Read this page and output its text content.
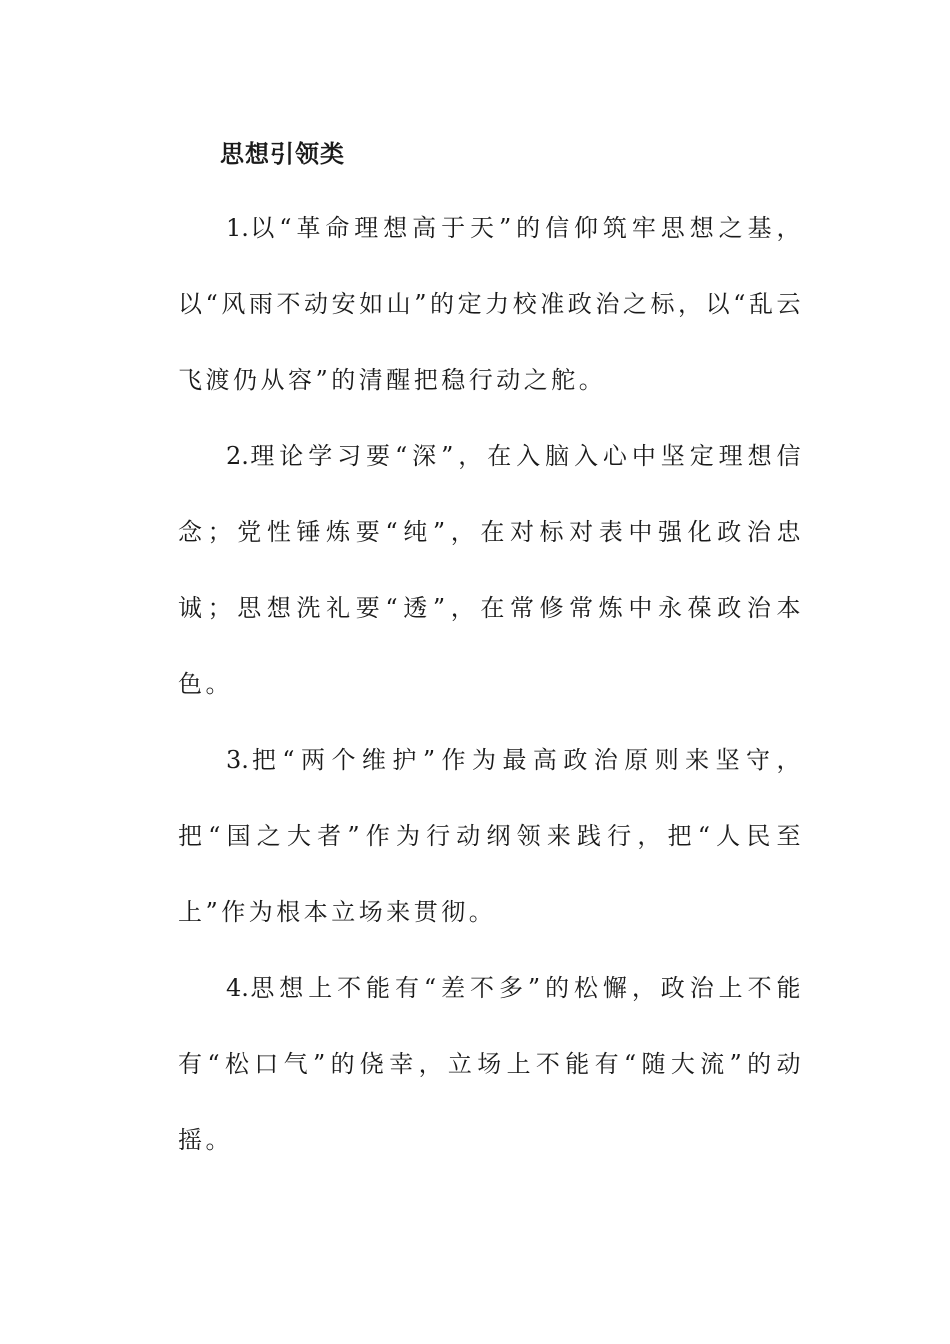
思想引领类

1.以“革命理想高于天”的信仰筑牢思想之基，以“风雨不动安如山”的定力校准政治之标，以“乱云飞渡仍从容”的清醒把稳行动之舵。

2.理论学习要“深”，在入脑入心中坚定理想信念；党性锤炼要“纯”，在对标对表中强化政治忠诚；思想洗礼要“透”，在常修常炼中永葆政治本色。

3.把“两个维护”作为最高政治原则来坚守，把“国之大者”作为行动纲领来践行，把“人民至上”作为根本立场来贯彻。

4.思想上不能有“差不多”的松懈，政治上不能有“松口气”的侥幸，立场上不能有“随大流”的动摇。
